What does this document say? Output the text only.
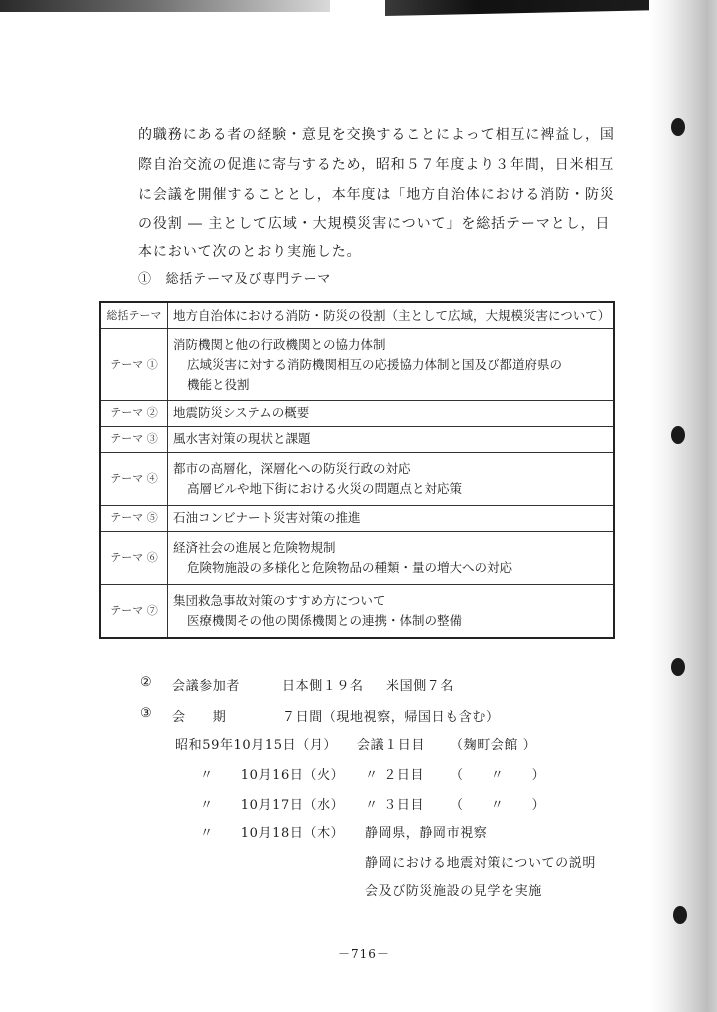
的職務にある者の経験・意見を交換することによって相互に裨益し，国
際自治交流の促進に寄与するため，昭和５７年度より３年間，日米相互
に会議を開催することとし，本年度は「地方自治体における消防・防災
の役割 ― 主として広域・大規模災害について」を総括テーマとし，日
本において次のとおり実施した。
①　総括テーマ及び専門テーマ
総括テーマ	地方自治体における消防・防災の役割（主として広域，大規模災害について）
テーマ ①	消防機関と他の行政機関との協力体制
広域災害に対する消防機関相互の応援協力体制と国及び都道府県の
機能と役割

テーマ ②	地震防災システムの概要
テーマ ③	風水害対策の現状と課題
テーマ ④	都市の高層化，深層化への防災行政の対応
高層ビルや地下街における火災の問題点と対応策

テーマ ⑤	石油コンビナート災害対策の推進
テーマ ⑥	経済社会の進展と危険物規制
危険物施設の多様化と危険物品の種類・量の増大への対応

テーマ ⑦	集団救急事故対策のすすめ方について
医療機関その他の関係機関との連携・体制の整備
② 会議参加者	日本側１９名 米国側７名
③ 会　　期	７日間（現地視察，帰国日も含む）
昭和59年10月15日（月） 会議１日目 （麹町会館 ）
〃　　10月16日（火） 〃 ２日目 （　　〃　　）
〃　　10月17日（水） 〃 ３日目 （　　〃　　）
〃　　10月18日（木） 静岡県，静岡市視察
静岡における地震対策についての説明
会及び防災施設の見学を実施
－716－
